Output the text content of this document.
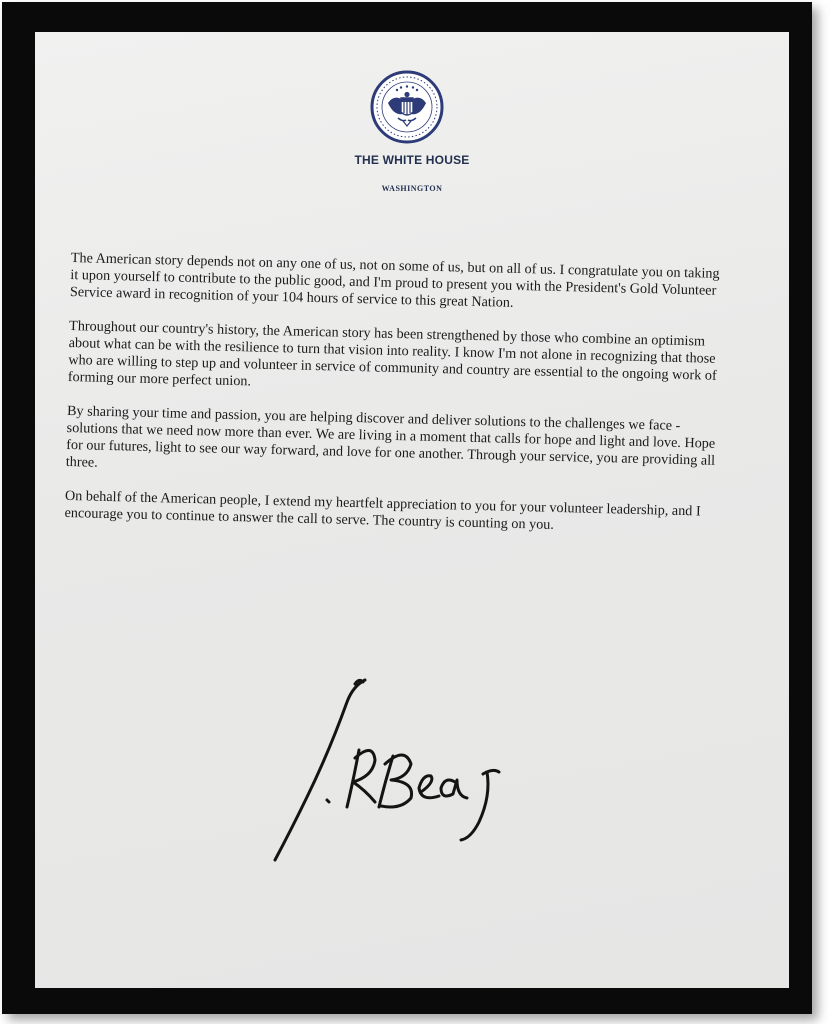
THE WHITE HOUSE
WASHINGTON

The American story depends not on any one of us, not on some of us, but on all of us. I congratulate you on taking it upon yourself to contribute to the public good, and I'm proud to present you with the President's Gold Volunteer Service award in recognition of your 104 hours of service to this great Nation.

Throughout our country's history, the American story has been strengthened by those who combine an optimism about what can be with the resilience to turn that vision into reality. I know I'm not alone in recognizing that those who are willing to step up and volunteer in service of community and country are essential to the ongoing work of forming our more perfect union.

By sharing your time and passion, you are helping discover and deliver solutions to the challenges we face - solutions that we need now more than ever. We are living in a moment that calls for hope and light and love. Hope for our futures, light to see our way forward, and love for one another. Through your service, you are providing all three.

On behalf of the American people, I extend my heartfelt appreciation to you for your volunteer leadership, and I encourage you to continue to answer the call to serve. The country is counting on you.
